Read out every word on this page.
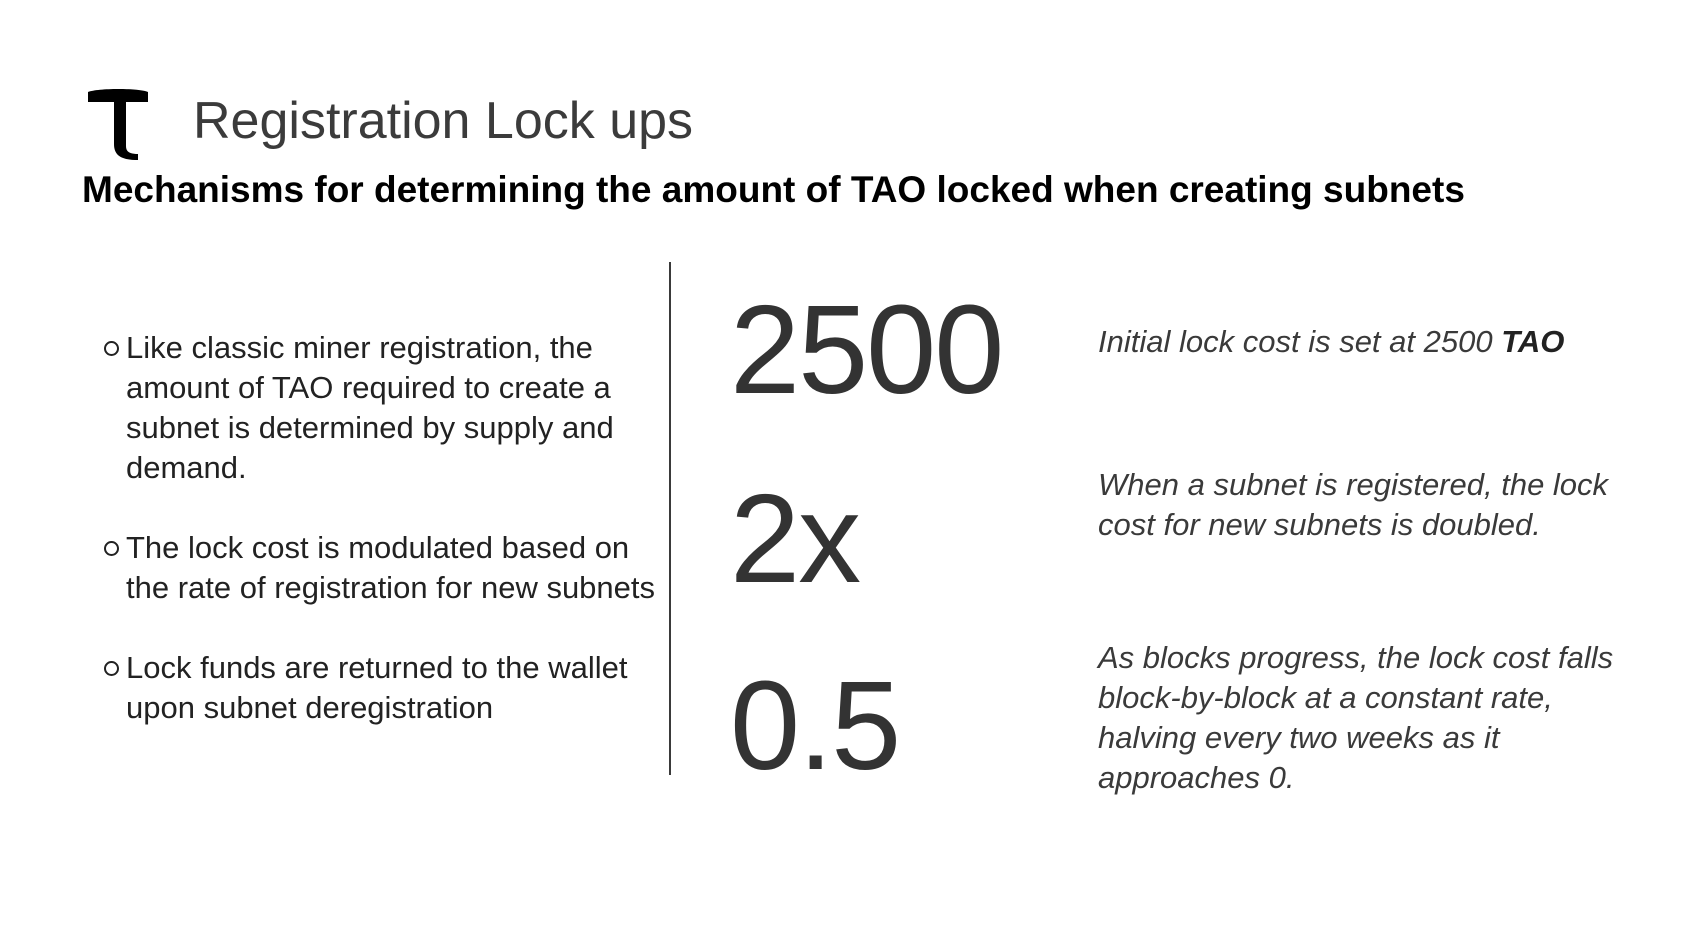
Registration Lock ups
Mechanisms for determining the amount of TAO locked when creating subnets
Like classic miner registration, the amount of TAO required to create a subnet is determined by supply and demand.
The lock cost is modulated based on the rate of registration for new subnets
Lock funds are returned to the wallet upon subnet deregistration
2500
2x
0.5
Initial lock cost is set at 2500 TAO
When a subnet is registered, the lock cost for new subnets is doubled.
As blocks progress, the lock cost falls block-by-block at a constant rate, halving every two weeks as it approaches 0.
